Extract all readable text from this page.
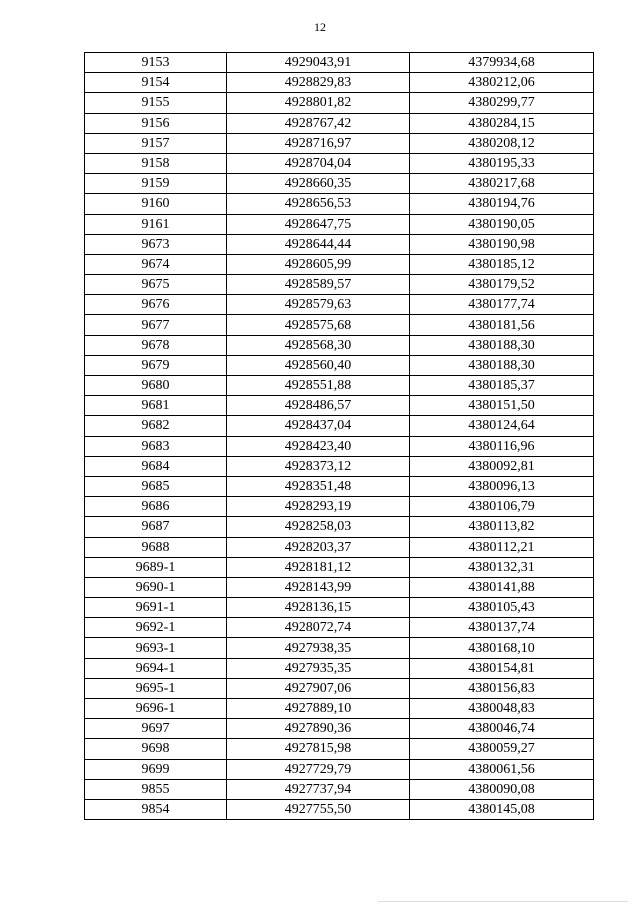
12
9153	4929043,91	4379934,68
9154	4928829,83	4380212,06
9155	4928801,82	4380299,77
9156	4928767,42	4380284,15
9157	4928716,97	4380208,12
9158	4928704,04	4380195,33
9159	4928660,35	4380217,68
9160	4928656,53	4380194,76
9161	4928647,75	4380190,05
9673	4928644,44	4380190,98
9674	4928605,99	4380185,12
9675	4928589,57	4380179,52
9676	4928579,63	4380177,74
9677	4928575,68	4380181,56
9678	4928568,30	4380188,30
9679	4928560,40	4380188,30
9680	4928551,88	4380185,37
9681	4928486,57	4380151,50
9682	4928437,04	4380124,64
9683	4928423,40	4380116,96
9684	4928373,12	4380092,81
9685	4928351,48	4380096,13
9686	4928293,19	4380106,79
9687	4928258,03	4380113,82
9688	4928203,37	4380112,21
9689-1	4928181,12	4380132,31
9690-1	4928143,99	4380141,88
9691-1	4928136,15	4380105,43
9692-1	4928072,74	4380137,74
9693-1	4927938,35	4380168,10
9694-1	4927935,35	4380154,81
9695-1	4927907,06	4380156,83
9696-1	4927889,10	4380048,83
9697	4927890,36	4380046,74
9698	4927815,98	4380059,27
9699	4927729,79	4380061,56
9855	4927737,94	4380090,08
9854	4927755,50	4380145,08
